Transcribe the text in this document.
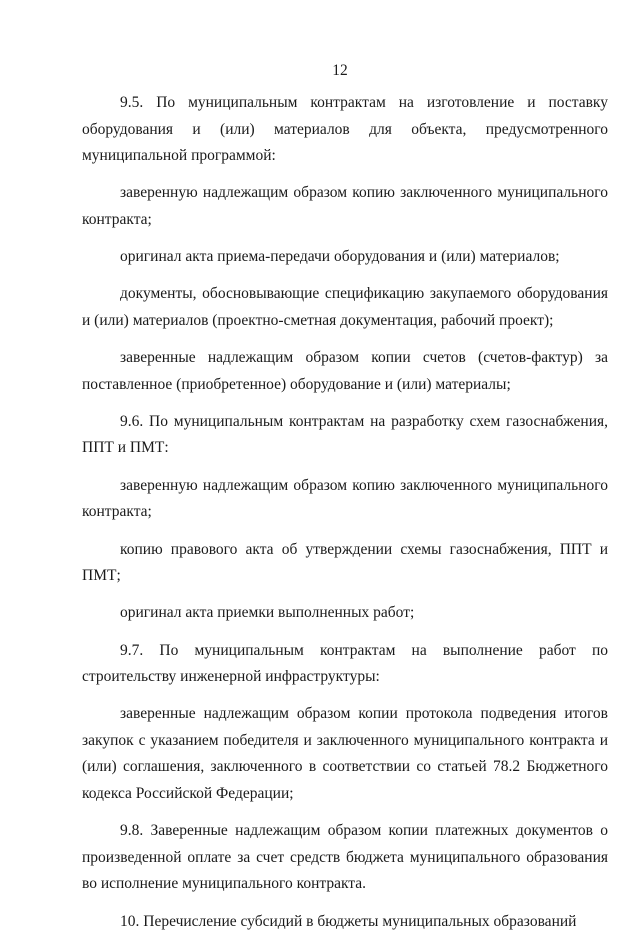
12

9.5. По муниципальным контрактам на изготовление и поставку оборудования и (или) материалов для объекта, предусмотренного муниципальной программой:

заверенную надлежащим образом копию заключенного муниципального контракта;

оригинал акта приема-передачи оборудования и (или) материалов;

документы, обосновывающие спецификацию закупаемого оборудования и (или) материалов (проектно-сметная документация, рабочий проект);

заверенные надлежащим образом копии счетов (счетов-фактур) за поставленное (приобретенное) оборудование и (или) материалы;

9.6. По муниципальным контрактам на разработку схем газоснабжения, ППТ и ПМТ:

заверенную надлежащим образом копию заключенного муниципального контракта;

копию правового акта об утверждении схемы газоснабжения, ППТ и ПМТ;

оригинал акта приемки выполненных работ;

9.7. По муниципальным контрактам на выполнение работ по строительству инженерной инфраструктуры:

заверенные надлежащим образом копии протокола подведения итогов закупок с указанием победителя и заключенного муниципального контракта и (или) соглашения, заключенного в соответствии со статьей 78.2 Бюджетного кодекса Российской Федерации;

9.8. Заверенные надлежащим образом копии платежных документов о произведенной оплате за счет средств бюджета муниципального образования во исполнение муниципального контракта.

10. Перечисление субсидий в бюджеты муниципальных образований
